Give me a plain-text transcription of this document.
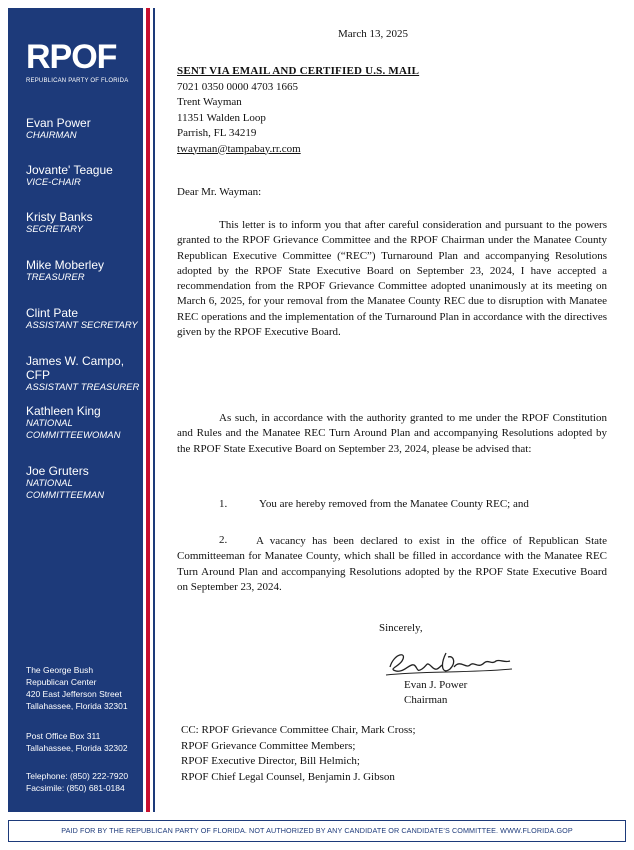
RPOF
REPUBLICAN PARTY OF FLORIDA
Evan Power
CHAIRMAN
Jovante' Teague
VICE-CHAIR
Kristy Banks
SECRETARY
Mike Moberley
TREASURER
Clint Pate
ASSISTANT SECRETARY
James W. Campo, CFP
ASSISTANT TREASURER
Kathleen King
NATIONAL
COMMITTEEWOMAN
Joe Gruters
NATIONAL
COMMITTEEMAN
The George Bush
Republican Center
420 East Jefferson Street
Tallahassee, Florida 32301
Post Office Box 311
Tallahassee, Florida 32302
Telephone: (850) 222-7920
Facsimile: (850) 681-0184
March 13, 2025
SENT VIA EMAIL AND CERTIFIED U.S. MAIL
7021 0350 0000 4703 1665
Trent Wayman
11351 Walden Loop
Parrish, FL 34219
twayman@tampabay.rr.com
Dear Mr. Wayman:

This letter is to inform you that after careful consideration and pursuant to the powers granted to the RPOF Grievance Committee and the RPOF Chairman under the Manatee County Republican Executive Committee (“REC”) Turnaround Plan and accompanying Resolutions adopted by the RPOF State Executive Board on September 23, 2024, I have accepted a recommendation from the RPOF Grievance Committee adopted unanimously at its meeting on March 6, 2025, for your removal from the Manatee County REC due to disruption with Manatee REC operations and the implementation of the Turnaround Plan in accordance with the directives given by the RPOF Executive Board.

As such, in accordance with the authority granted to me under the RPOF Constitution and Rules and the Manatee REC Turn Around Plan and accompanying Resolutions adopted by the RPOF State Executive Board on September 23, 2024, please be advised that:

1.	You are hereby removed from the Manatee County REC; and
2.	A vacancy has been declared to exist in the office of Republican State Committeeman for Manatee County, which shall be filled in accordance with the Manatee REC Turn Around Plan and accompanying Resolutions adopted by the RPOF State Executive Board on September 23, 2024.

Sincerely,
Evan J. Power
Chairman
CC: RPOF Grievance Committee Chair, Mark Cross;
RPOF Grievance Committee Members;
RPOF Executive Director, Bill Helmich;
RPOF Chief Legal Counsel, Benjamin J. Gibson
PAID FOR BY THE REPUBLICAN PARTY OF FLORIDA. NOT AUTHORIZED BY ANY CANDIDATE OR CANDIDATE’S COMMITTEE. WWW.FLORIDA.GOP
